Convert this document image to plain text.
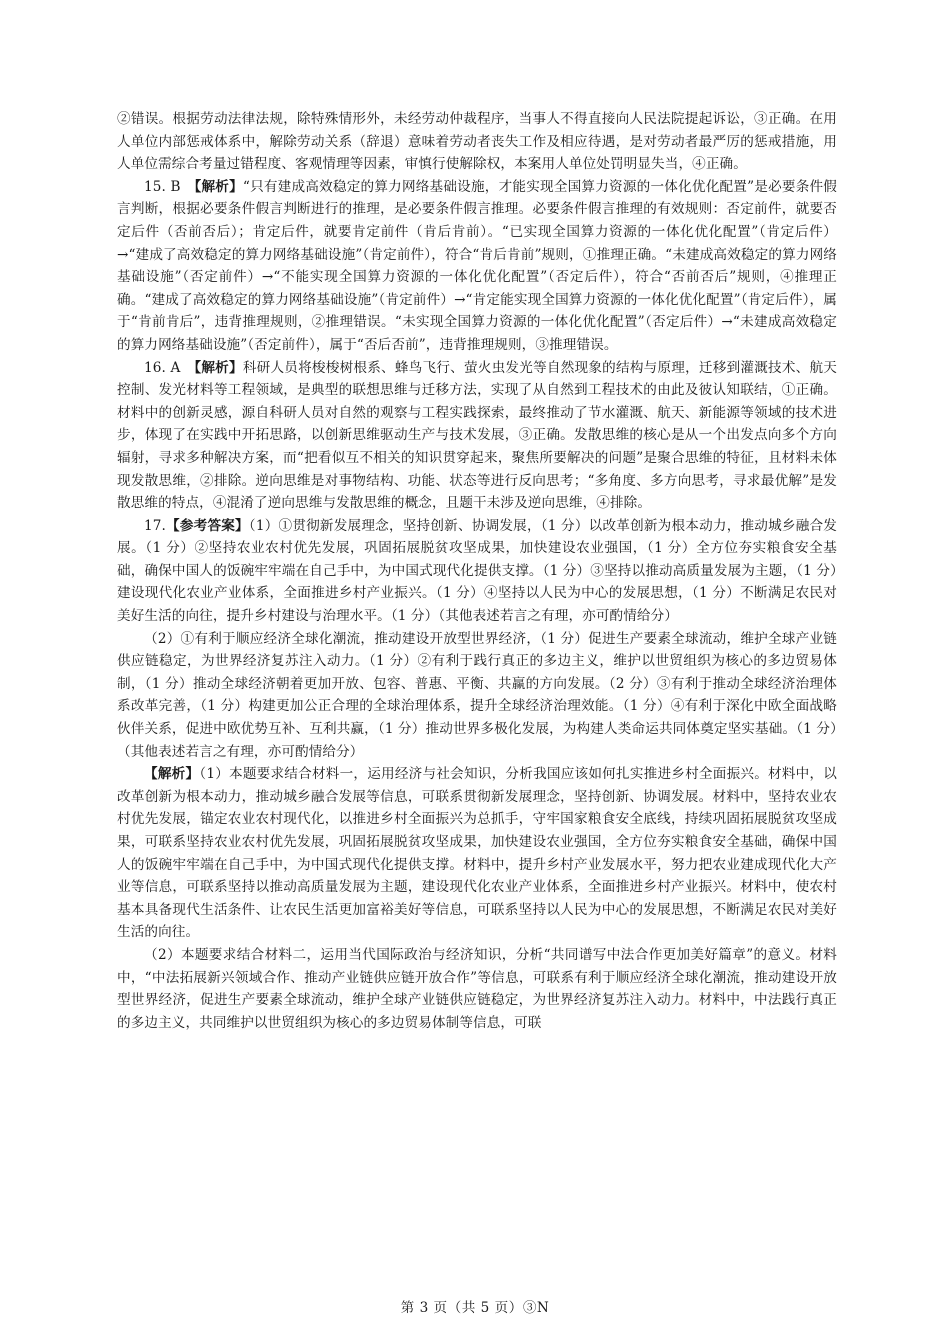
②错误。根据劳动法律法规，除特殊情形外，未经劳动仲裁程序，当事人不得直接向人民法院提起诉讼，③正确。在用人单位内部惩戒体系中，解除劳动关系（辞退）意味着劳动者丧失工作及相应待遇，是对劳动者最严厉的惩戒措施，用人单位需综合考量过错程度、客观情理等因素，审慎行使解除权，本案用人单位处罚明显失当，④正确。

15. B　【解析】“只有建成高效稳定的算力网络基础设施，才能实现全国算力资源的一体化优化配置”是必要条件假言判断，根据必要条件假言判断进行的推理，是必要条件假言推理。必要条件假言推理的有效规则：否定前件，就要否定后件（否前否后）；肯定后件，就要肯定前件（肯后肯前）。“已实现全国算力资源的一体化优化配置”（肯定后件）→“建成了高效稳定的算力网络基础设施”（肯定前件），符合“肯后肯前”规则，①推理正确。“未建成高效稳定的算力网络基础设施”（否定前件）→“不能实现全国算力资源的一体化优化配置”（否定后件），符合“否前否后”规则，④推理正确。“建成了高效稳定的算力网络基础设施”（肯定前件）→“肯定能实现全国算力资源的一体化优化配置”（肯定后件），属于“肯前肯后”，违背推理规则，②推理错误。“未实现全国算力资源的一体化优化配置”（否定后件）→“未建成高效稳定的算力网络基础设施”（否定前件），属于“否后否前”，违背推理规则，③推理错误。

16. A　【解析】科研人员将梭梭树根系、蜂鸟飞行、萤火虫发光等自然现象的结构与原理，迁移到灌溉技术、航天控制、发光材料等工程领域，是典型的联想思维与迁移方法，实现了从自然到工程技术的由此及彼认知联结，①正确。材料中的创新灵感，源自科研人员对自然的观察与工程实践探索，最终推动了节水灌溉、航天、新能源等领域的技术进步，体现了在实践中开拓思路，以创新思维驱动生产与技术发展，③正确。发散思维的核心是从一个出发点向多个方向辐射，寻求多种解决方案，而“把看似互不相关的知识贯穿起来，聚焦所要解决的问题”是聚合思维的特征，且材料未体现发散思维，②排除。逆向思维是对事物结构、功能、状态等进行反向思考；“多角度、多方向思考，寻求最优解”是发散思维的特点，④混淆了逆向思维与发散思维的概念，且题干未涉及逆向思维，④排除。

17.【参考答案】（1）①贯彻新发展理念，坚持创新、协调发展，（1 分）以改革创新为根本动力，推动城乡融合发展。（1 分）②坚持农业农村优先发展，巩固拓展脱贫攻坚成果，加快建设农业强国，（1 分）全方位夯实粮食安全基础，确保中国人的饭碗牢牢端在自己手中，为中国式现代化提供支撑。（1 分）③坚持以推动高质量发展为主题，（1 分）建设现代化农业产业体系，全面推进乡村产业振兴。（1 分）④坚持以人民为中心的发展思想，（1 分）不断满足农民对美好生活的向往，提升乡村建设与治理水平。（1 分）（其他表述若言之有理，亦可酌情给分）

（2）①有利于顺应经济全球化潮流，推动建设开放型世界经济，（1 分）促进生产要素全球流动，维护全球产业链供应链稳定，为世界经济复苏注入动力。（1 分）②有利于践行真正的多边主义，维护以世贸组织为核心的多边贸易体制，（1 分）推动全球经济朝着更加开放、包容、普惠、平衡、共赢的方向发展。（2 分）③有利于推动全球经济治理体系改革完善，（1 分）构建更加公正合理的全球治理体系，提升全球经济治理效能。（1 分）④有利于深化中欧全面战略伙伴关系，促进中欧优势互补、互利共赢，（1 分）推动世界多极化发展，为构建人类命运共同体奠定坚实基础。（1 分）（其他表述若言之有理，亦可酌情给分）

【解析】（1）本题要求结合材料一，运用经济与社会知识，分析我国应该如何扎实推进乡村全面振兴。材料中，以改革创新为根本动力，推动城乡融合发展等信息，可联系贯彻新发展理念，坚持创新、协调发展。材料中，坚持农业农村优先发展，锚定农业农村现代化，以推进乡村全面振兴为总抓手，守牢国家粮食安全底线，持续巩固拓展脱贫攻坚成果，可联系坚持农业农村优先发展，巩固拓展脱贫攻坚成果，加快建设农业强国，全方位夯实粮食安全基础，确保中国人的饭碗牢牢端在自己手中，为中国式现代化提供支撑。材料中，提升乡村产业发展水平，努力把农业建成现代化大产业等信息，可联系坚持以推动高质量发展为主题，建设现代化农业产业体系，全面推进乡村产业振兴。材料中，使农村基本具备现代生活条件、让农民生活更加富裕美好等信息，可联系坚持以人民为中心的发展思想，不断满足农民对美好生活的向往。

（2）本题要求结合材料二，运用当代国际政治与经济知识，分析“共同谱写中法合作更加美好篇章”的意义。材料中，“中法拓展新兴领域合作、推动产业链供应链开放合作”等信息，可联系有利于顺应经济全球化潮流，推动建设开放型世界经济，促进生产要素全球流动，维护全球产业链供应链稳定，为世界经济复苏注入动力。材料中，中法践行真正的多边主义，共同维护以世贸组织为核心的多边贸易体制等信息，可联

第 3 页（共 5 页）③N
